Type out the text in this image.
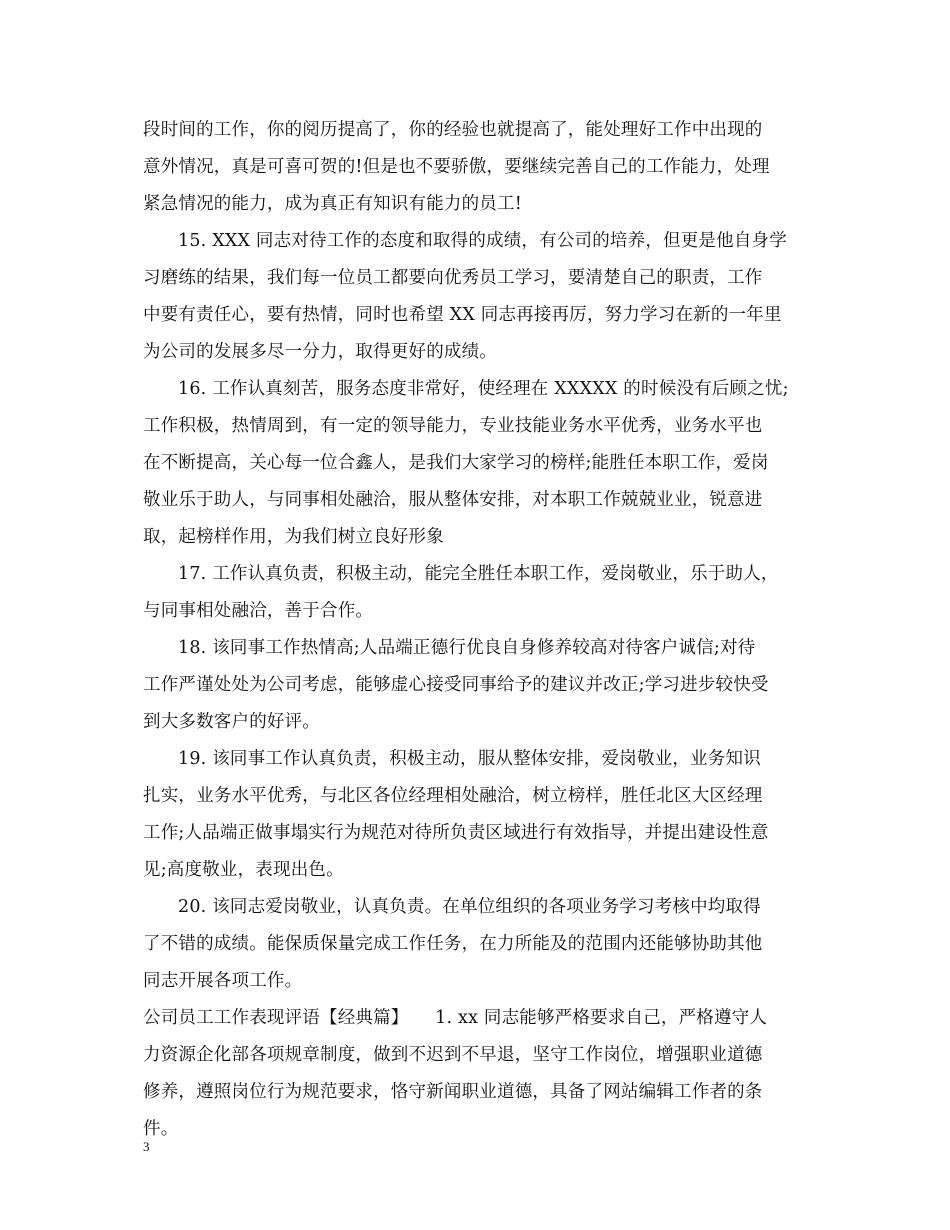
段时间的工作，你的阅历提高了，你的经验也就提高了，能处理好工作中出现的
意外情况，真是可喜可贺的!但是也不要骄傲，要继续完善自己的工作能力，处理
紧急情况的能力，成为真正有知识有能力的员工!
15. XXX 同志对待工作的态度和取得的成绩，有公司的培养，但更是他自身学
习磨练的结果，我们每一位员工都要向优秀员工学习，要清楚自己的职责，工作
中要有责任心，要有热情，同时也希望 XX 同志再接再厉，努力学习在新的一年里
为公司的发展多尽一分力，取得更好的成绩。
16. 工作认真刻苦，服务态度非常好，使经理在 XXXXX 的时候没有后顾之忧;
工作积极，热情周到，有一定的领导能力，专业技能业务水平优秀，业务水平也
在不断提高，关心每一位合鑫人，是我们大家学习的榜样;能胜任本职工作，爱岗
敬业乐于助人，与同事相处融洽，服从整体安排，对本职工作兢兢业业，锐意进
取，起榜样作用，为我们树立良好形象
17. 工作认真负责，积极主动，能完全胜任本职工作，爱岗敬业，乐于助人，
与同事相处融洽，善于合作。
18. 该同事工作热情高;人品端正德行优良自身修养较高对待客户诚信;对待
工作严谨处处为公司考虑，能够虚心接受同事给予的建议并改正;学习进步较快受
到大多数客户的好评。
19. 该同事工作认真负责，积极主动，服从整体安排，爱岗敬业，业务知识
扎实，业务水平优秀，与北区各位经理相处融洽，树立榜样，胜任北区大区经理
工作;人品端正做事塌实行为规范对待所负责区域进行有效指导，并提出建设性意
见;高度敬业，表现出色。
20. 该同志爱岗敬业，认真负责。在单位组织的各项业务学习考核中均取得
了不错的成绩。能保质保量完成工作任务，在力所能及的范围内还能够协助其他
同志开展各项工作。
公司员工工作表现评语【经典篇】　　1. xx 同志能够严格要求自己，严格遵守人
力资源企化部各项规章制度，做到不迟到不早退，坚守工作岗位，增强职业道德
修养，遵照岗位行为规范要求，恪守新闻职业道德，具备了网站编辑工作者的条
件。
3
